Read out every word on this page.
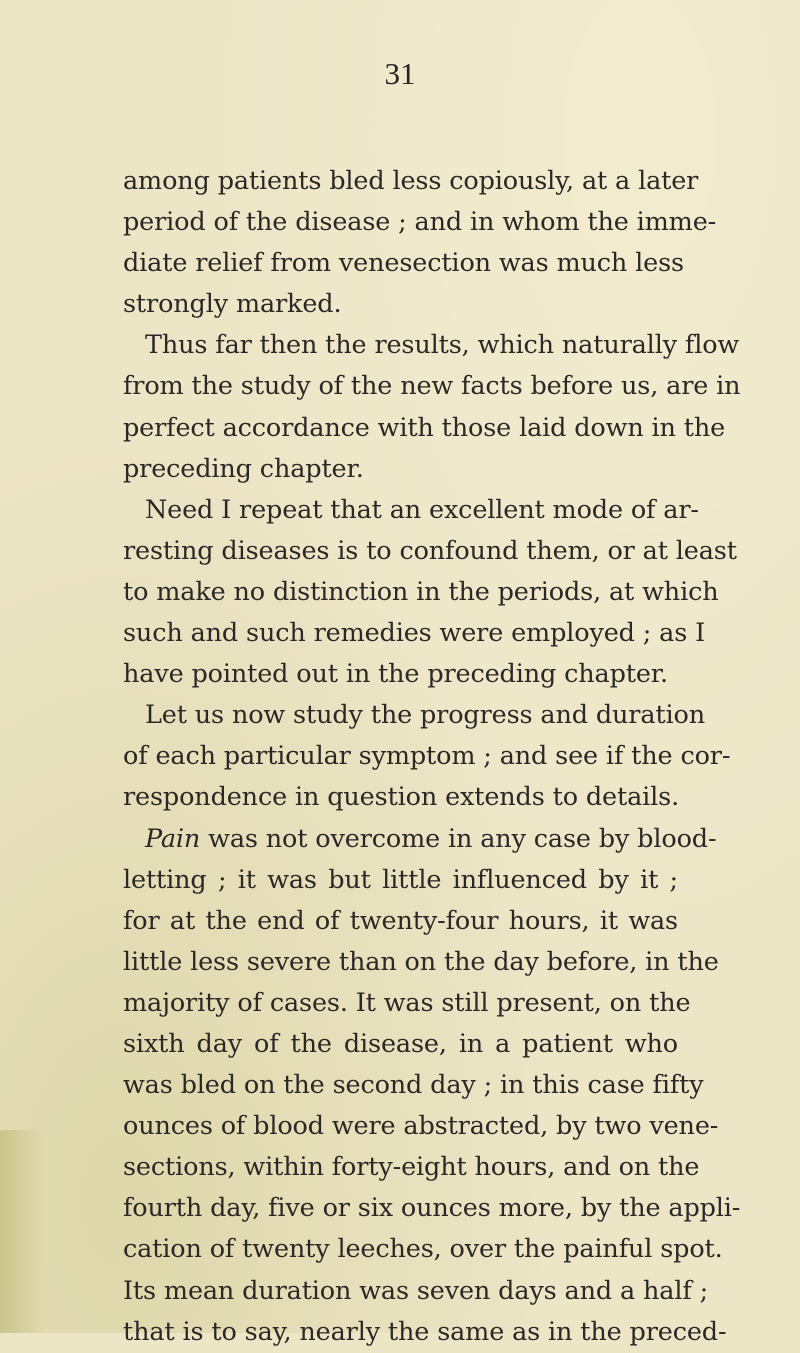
31
among patients bled less copiously, at a later
period of the disease ; and in whom the imme-
diate relief from venesection was much less
strongly marked.
Thus far then the results, which naturally flow
from the study of the new facts before us, are in
perfect accordance with those laid down in the
preceding chapter.
Need I repeat that an excellent mode of ar-
resting diseases is to confound them, or at least
to make no distinction in the periods, at which
such and such remedies were employed ; as I
have pointed out in the preceding chapter.
Let us now study the progress and duration
of each particular symptom ; and see if the cor-
respondence in question extends to details.
Pain was not overcome in any case by blood-
letting ; it was but little influenced by it ;
for at the end of twenty-four hours, it was
little less severe than on the day before, in the
majority of cases. It was still present, on the
sixth day of the disease, in a patient who
was bled on the second day ; in this case fifty
ounces of blood were abstracted, by two vene-
sections, within forty-eight hours, and on the
fourth day, five or six ounces more, by the appli-
cation of twenty leeches, over the painful spot.
Its mean duration was seven days and a half ;
that is to say, nearly the same as in the preced-
